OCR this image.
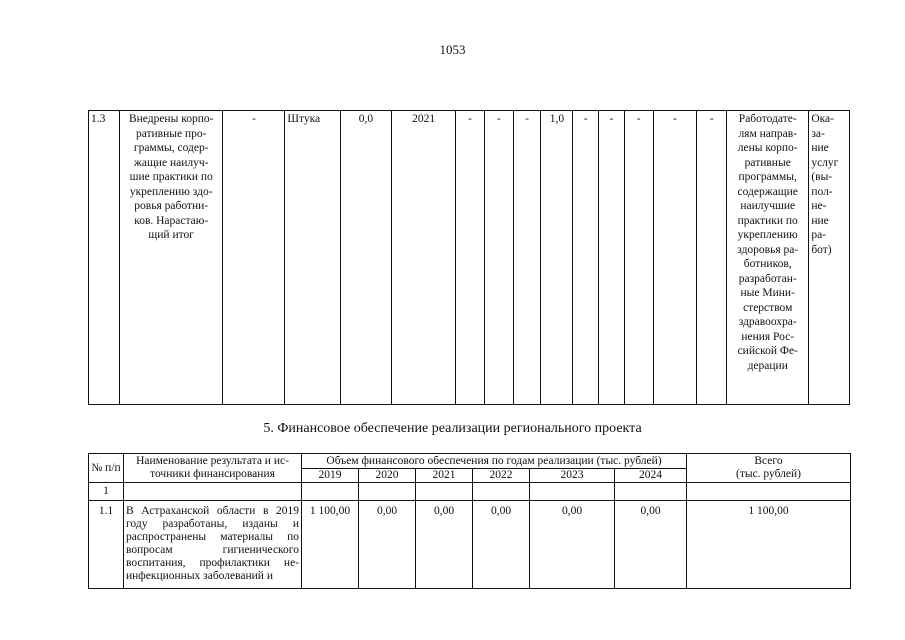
1053
1.3	Внедрены корпо-
ративные про-
граммы, содер-
жащие наилуч-
шие практики по
укреплению здо-
ровья работни-
ков. Нарастаю-
щий итог	-	Штука	0,0	2021	-	-	-	1,0	-	-	-	-	-	Работодате-
лям направ-
лены корпо-
ративные
программы,
содержащие
наилучшие
практики по
укреплению
здоровья ра-
ботников,
разработан-
ные Мини-
стерством
здравоохра-
нения Рос-
сийской Фе-
дерации	Ока-
за-
ние
услуг
(вы-
пол-
не-
ние
ра-
бот)
5. Финансовое обеспечение реализации регионального проекта
№ п/п	Наименование результата и ис-
точники финансирования	Объем финансового обеспечения по годам реализации (тыс. рублей)						Всего
(тыс. рублей)
		2019	2020	2021	2022	2023	2024	
1								
1.1	В Астраханской области в 2019 году разработаны, изданы и распространены материалы по вопросам гигиенического воспитания, профилактики не-инфекционных заболеваний и	1 100,00	0,00	0,00	0,00	0,00	0,00	1 100,00
